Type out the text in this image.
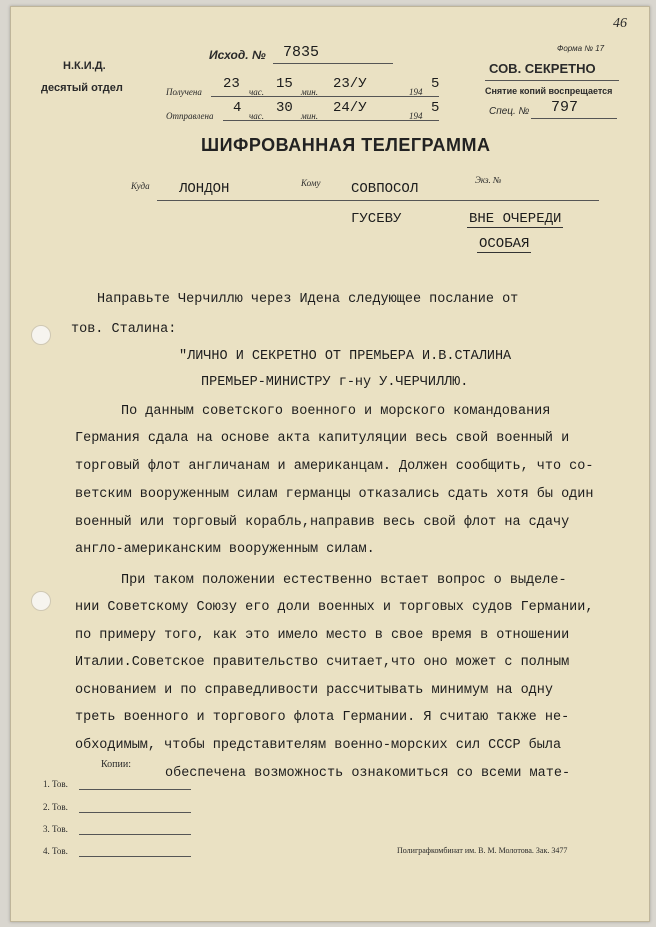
46
Н.К.И.Д.
десятый отдел
Исход. № 7835	Форма № 17
СОВ. СЕКРЕТНО
Снятие копий воспрещается
Спец. № 797
Получена 23 час. 15 мин. 23/У	194 5
Отправлена 4 час. 30 мин. 24/У	194 5
ШИФРОВАННАЯ ТЕЛЕГРАММА
Куда ЛОНДОН	Кому СОВПОСОЛ
Экз. №
ГУСЕВУ	ВНЕ ОЧЕРЕДИ
ОСОБАЯ
Направьте Черчиллю через Идена следующее послание от
тов. Сталина:
"ЛИЧНО И СЕКРЕТНО ОТ ПРЕМЬЕРА И.В.СТАЛИНА
ПРЕМЬЕР-МИНИСТРУ г-ну У.ЧЕРЧИЛЛЮ.
По данным советского военного и морского командования
Германия сдала на основе акта капитуляции весь свой военный и
торговый флот англичанам и американцам. Должен сообщить, что со-
ветским вооруженным силам германцы отказались сдать хотя бы один
военный или торговый корабль,направив весь свой флот на сдачу
англо-американским вооруженным силам.
При таком положении естественно встает вопрос о выделе-
нии Советскому Союзу его доли военных и торговых судов Германии,
по примеру того, как это имело место в свое время в отношении
Италии.Советское правительство считает,что оно может с полным
основанием и по справедливости рассчитывать минимум на одну
треть военного и торгового флота Германии. Я считаю также не-
обходимым, чтобы представителям военно-морских сил СССР была
обеспечена возможность ознакомиться со всеми мате-
Копии:
1. Тов.
2. Тов.
3. Тов.
4. Тов.	Полиграфкомбинат им. В. М. Молотова. Зак. 3477
